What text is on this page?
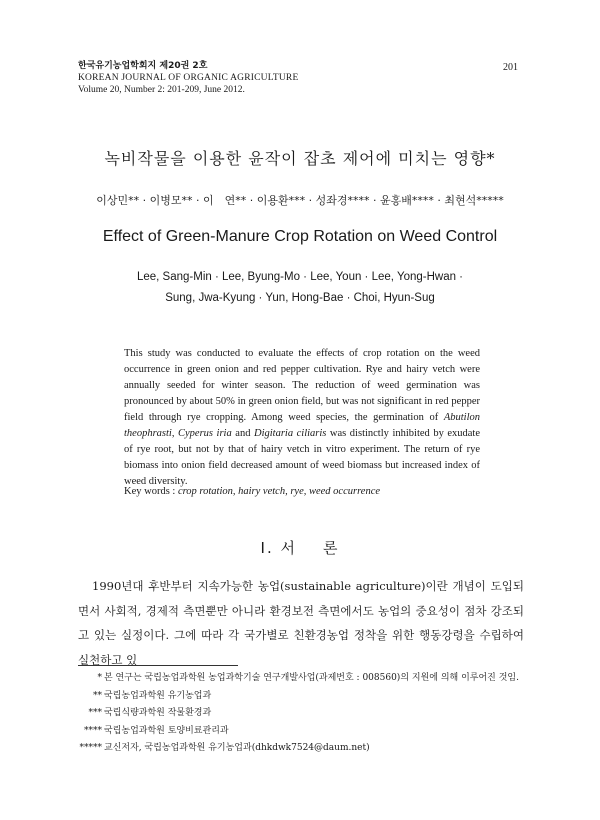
한국유기농업학회지 제20권 2호
KOREAN JOURNAL OF ORGANIC AGRICULTURE
Volume 20, Number 2: 201-209, June 2012.
201
녹비작물을 이용한 윤작이 잡초 제어에 미치는 영향*
이상민** · 이병모** · 이　연** · 이용환*** · 성좌경**** · 윤홍배**** · 최현석*****
Effect of Green-Manure Crop Rotation on Weed Control
Lee, Sang-Min · Lee, Byung-Mo · Lee, Youn · Lee, Yong-Hwan ·
Sung, Jwa-Kyung · Yun, Hong-Bae · Choi, Hyun-Sug
This study was conducted to evaluate the effects of crop rotation on the weed occurrence in green onion and red pepper cultivation. Rye and hairy vetch were annually seeded for winter season. The reduction of weed germination was pronounced by about 50% in green onion field, but was not significant in red pepper field through rye cropping. Among weed species, the germination of Abutilon theophrasti, Cyperus iria and Digitaria ciliaris was distinctly inhibited by exudate of rye root, but not by that of hairy vetch in vitro experiment. The return of rye biomass into onion field decreased amount of weed biomass but increased index of weed diversity.
Key words : crop rotation, hairy vetch, rye, weed occurrence
Ⅰ. 서 론
1990년대 후반부터 지속가능한 농업(sustainable agriculture)이란 개념이 도입되면서 사회적, 경제적 측면뿐만 아니라 환경보전 측면에서도 농업의 중요성이 점차 강조되고 있는 실정이다. 그에 따라 각 국가별로 친환경농업 정착을 위한 행동강령을 수립하여 실천하고 있
* 본 연구는 국립농업과학원 농업과학기술 연구개발사업(과제번호 : 008560)의 지원에 의해 이루어진 것임.
** 국립농업과학원 유기농업과
*** 국립식량과학원 작물환경과
**** 국립농업과학원 토양비료관리과
***** 교신저자, 국립농업과학원 유기농업과(dhkdwk7524@daum.net)
